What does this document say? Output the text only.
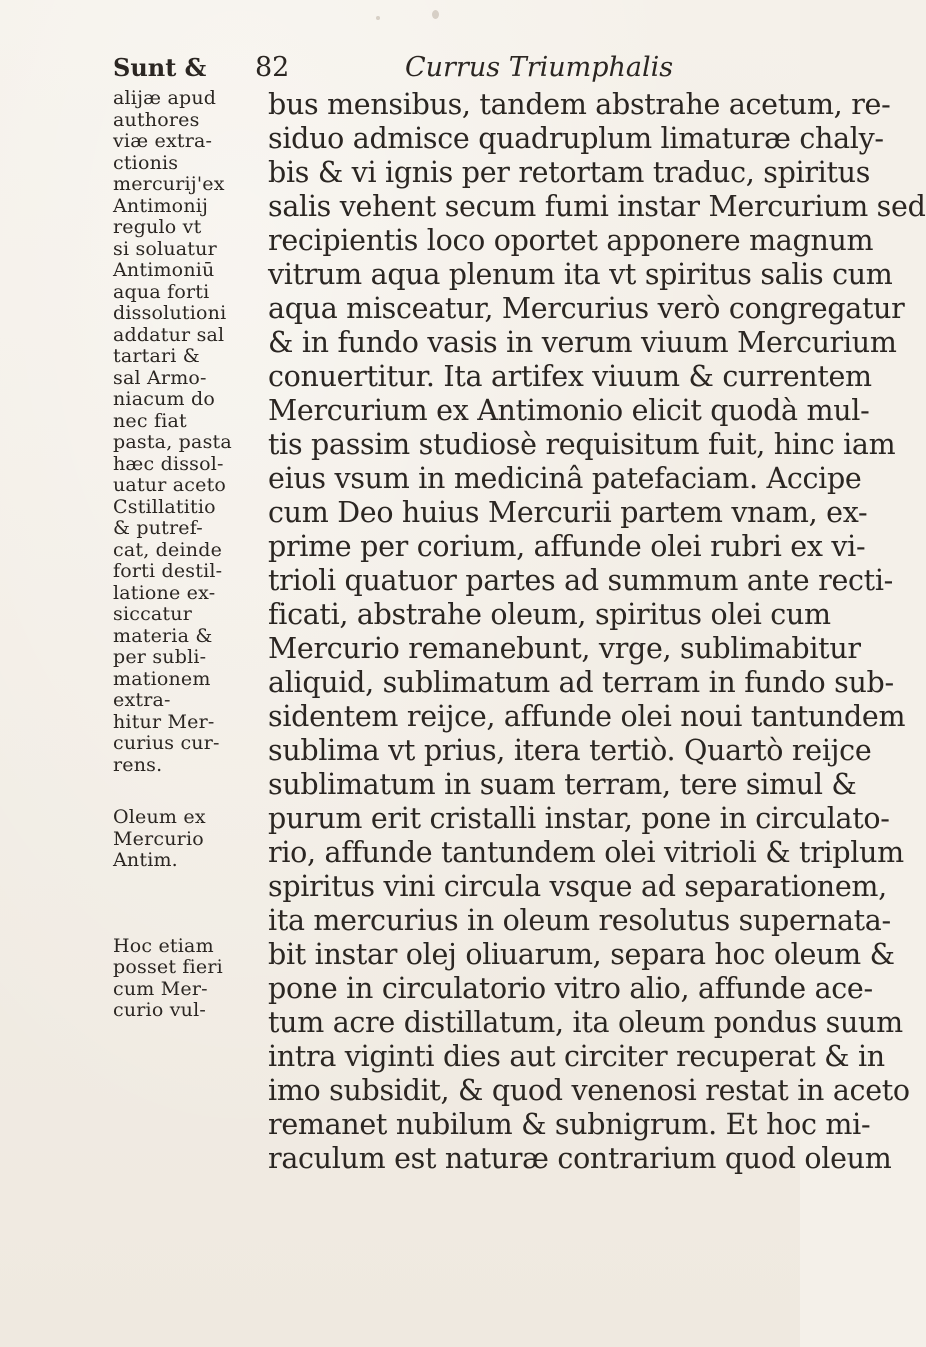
Sunt & 82	Currus Triumphalis
alijæ apud
authores
viæ extra-
ctionis
mercurij'ex
Antimonij
regulo vt
si soluatur
Antimoniū
aqua forti
dissolutioni
addatur sal
tartari &
sal Armo-
niacum do
nec fiat
pasta, pasta
hæc dissol-
uatur aceto
Cstillatitio
& putref-
cat, deinde
forti destil-
latione ex-
siccatur
materia &
per subli-
mationem
extra-
hitur Mer-
curius cur-
rens.
Oleum ex
Mercurio
Antim.
Hoc etiam
posset fieri
cum Mer-
curio vul-
bus mensibus, tandem abstrahe acetum, re-
siduo admisce quadruplum limaturæ chaly-
bis & vi ignis per retortam traduc, spiritus
salis vehent secum fumi instar Mercurium sed
recipientis loco oportet apponere magnum
vitrum aqua plenum ita vt spiritus salis cum
aqua misceatur, Mercurius verò congregatur
& in fundo vasis in verum viuum Mercurium
conuertitur. Ita artifex viuum & currentem
Mercurium ex Antimonio elicit quodà mul-
tis passim studiosè requisitum fuit, hinc iam
eius vsum in medicinâ patefaciam. Accipe
cum Deo huius Mercurii partem vnam, ex-
prime per corium, affunde olei rubri ex vi-
trioli quatuor partes ad summum ante recti-
ficati, abstrahe oleum, spiritus olei cum
Mercurio remanebunt, vrge, sublimabitur
aliquid, sublimatum ad terram in fundo sub-
sidentem reijce, affunde olei noui tantundem
sublima vt prius, itera tertiò. Quartò reijce
sublimatum in suam terram, tere simul &
purum erit cristalli instar, pone in circulato-
rio, affunde tantundem olei vitrioli & triplum
spiritus vini circula vsque ad separationem,
ita mercurius in oleum resolutus supernata-
bit instar olej oliuarum, separa hoc oleum &
pone in circulatorio vitro alio, affunde ace-
tum acre distillatum, ita oleum pondus suum
intra viginti dies aut circiter recuperat & in
imo subsidit, & quod venenosi restat in aceto
remanet nubilum & subnigrum. Et hoc mi-
raculum est naturæ contrarium quod oleum
